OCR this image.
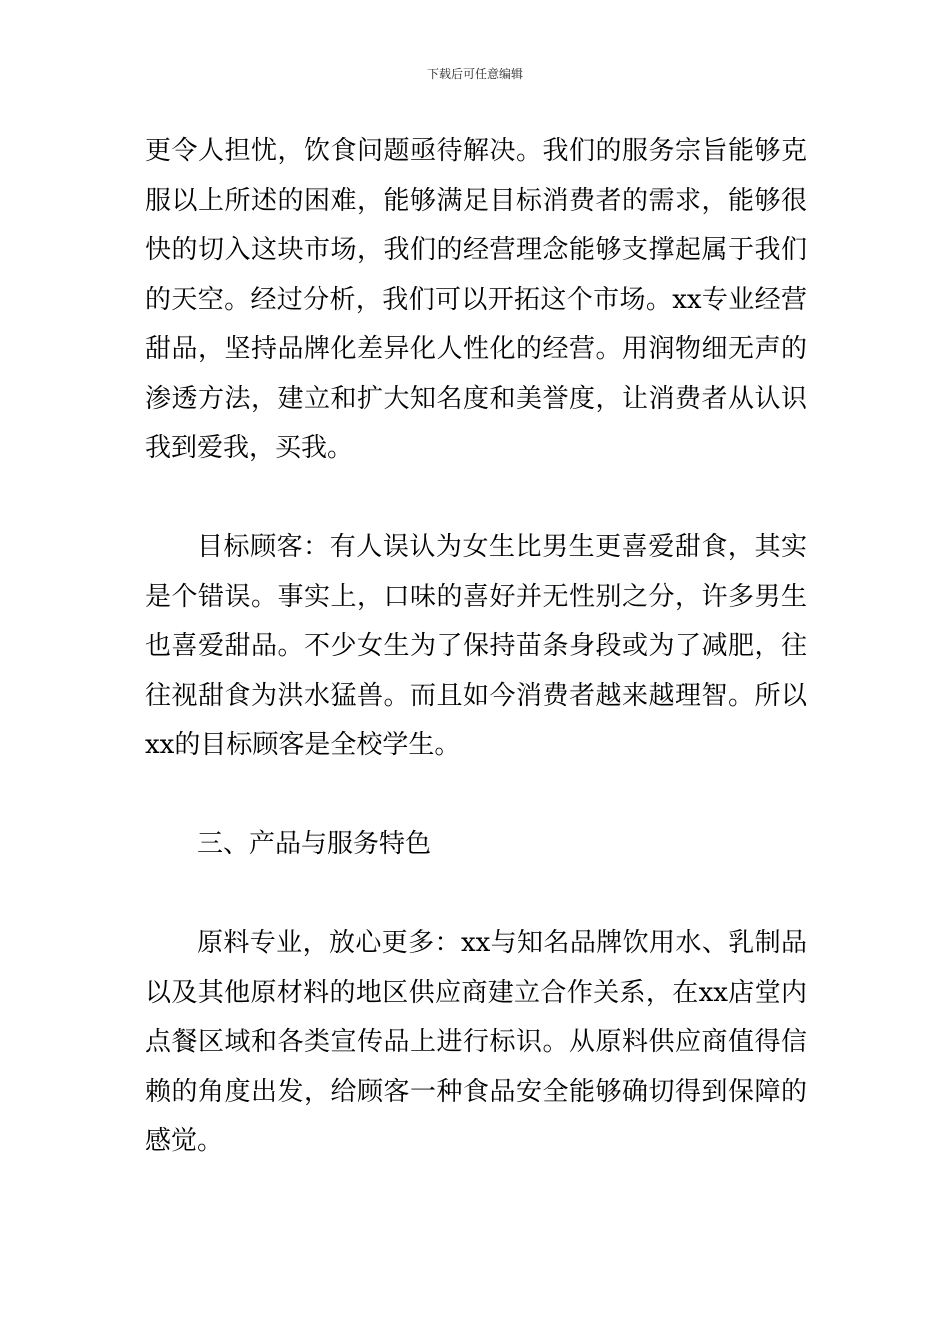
下载后可任意编辑

更令人担忧，饮食问题亟待解决。我们的服务宗旨能够克服以上所述的困难，能够满足目标消费者的需求，能够很快的切入这块市场，我们的经营理念能够支撑起属于我们的天空。经过分析，我们可以开拓这个市场。xx专业经营甜品，坚持品牌化差异化人性化的经营。用润物细无声的渗透方法，建立和扩大知名度和美誉度，让消费者从认识我到爱我，买我。

目标顾客：有人误认为女生比男生更喜爱甜食，其实是个错误。事实上，口味的喜好并无性别之分，许多男生也喜爱甜品。不少女生为了保持苗条身段或为了减肥，往往视甜食为洪水猛兽。而且如今消费者越来越理智。所以xx的目标顾客是全校学生。

三、产品与服务特色

原料专业，放心更多：xx与知名品牌饮用水、乳制品以及其他原材料的地区供应商建立合作关系，在xx店堂内点餐区域和各类宣传品上进行标识。从原料供应商值得信赖的角度出发，给顾客一种食品安全能够确切得到保障的感觉。
